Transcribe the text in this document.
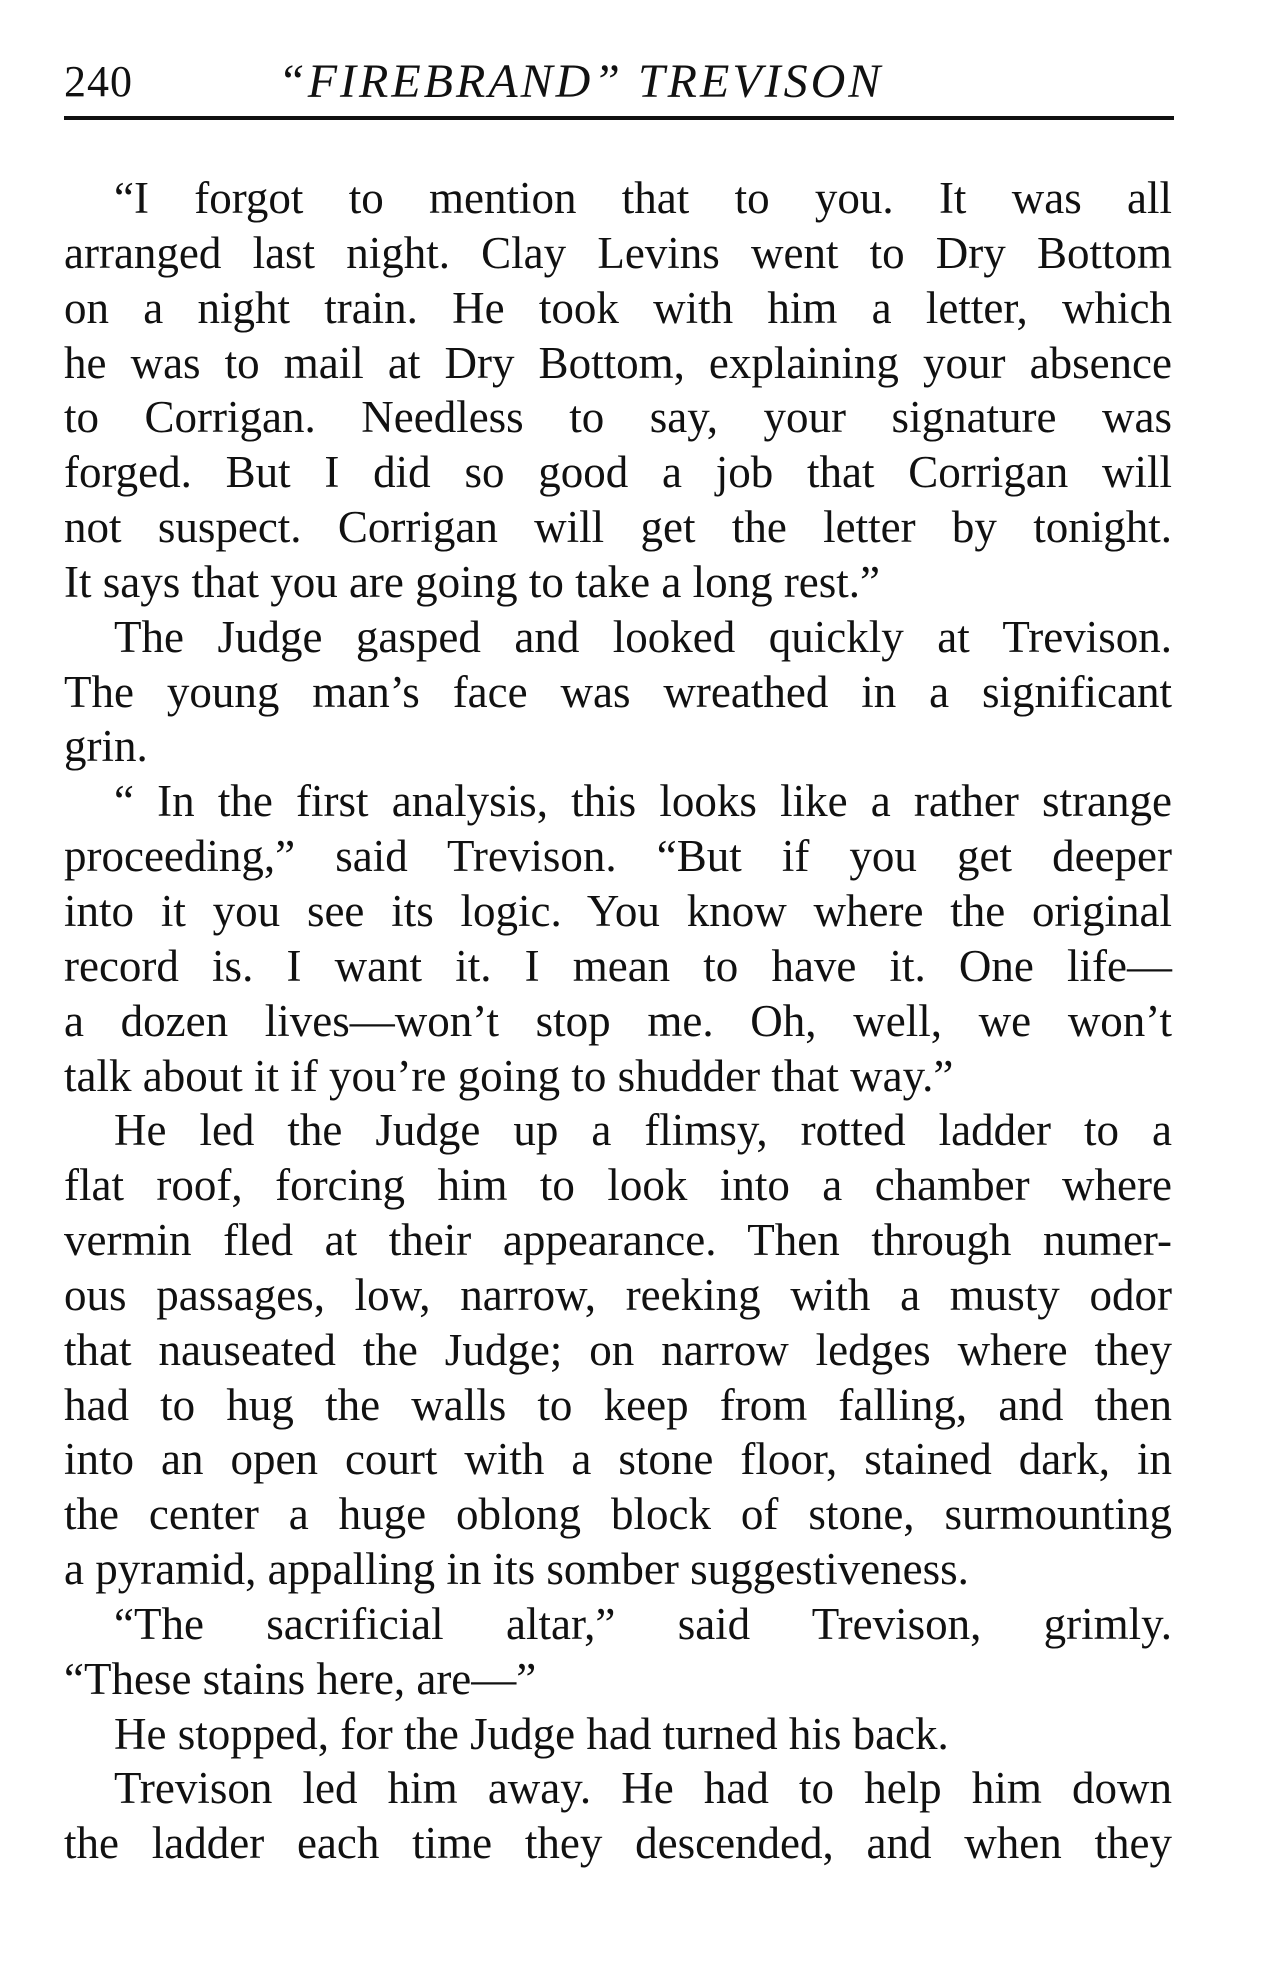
240	“FIREBRAND” TREVISON
“I forgot to mention that to you. It was all
arranged last night. Clay Levins went to Dry Bottom
on a night train. He took with him a letter, which
he was to mail at Dry Bottom, explaining your absence
to Corrigan. Needless to say, your signature was
forged. But I did so good a job that Corrigan will
not suspect. Corrigan will get the letter by tonight.
It says that you are going to take a long rest.”
The Judge gasped and looked quickly at Trevison.
The young man’s face was wreathed in a significant
grin.
“ In the first analysis, this looks like a rather strange
proceeding,” said Trevison. “But if you get deeper
into it you see its logic. You know where the original
record is. I want it. I mean to have it. One life—
a dozen lives—won’t stop me. Oh, well, we won’t
talk about it if you’re going to shudder that way.”
He led the Judge up a flimsy, rotted ladder to a
flat roof, forcing him to look into a chamber where
vermin fled at their appearance. Then through numer-
ous passages, low, narrow, reeking with a musty odor
that nauseated the Judge; on narrow ledges where they
had to hug the walls to keep from falling, and then
into an open court with a stone floor, stained dark, in
the center a huge oblong block of stone, surmounting
a pyramid, appalling in its somber suggestiveness.
“The sacrificial altar,” said Trevison, grimly.
“These stains here, are—”
He stopped, for the Judge had turned his back.
Trevison led him away. He had to help him down
the ladder each time they descended, and when they
